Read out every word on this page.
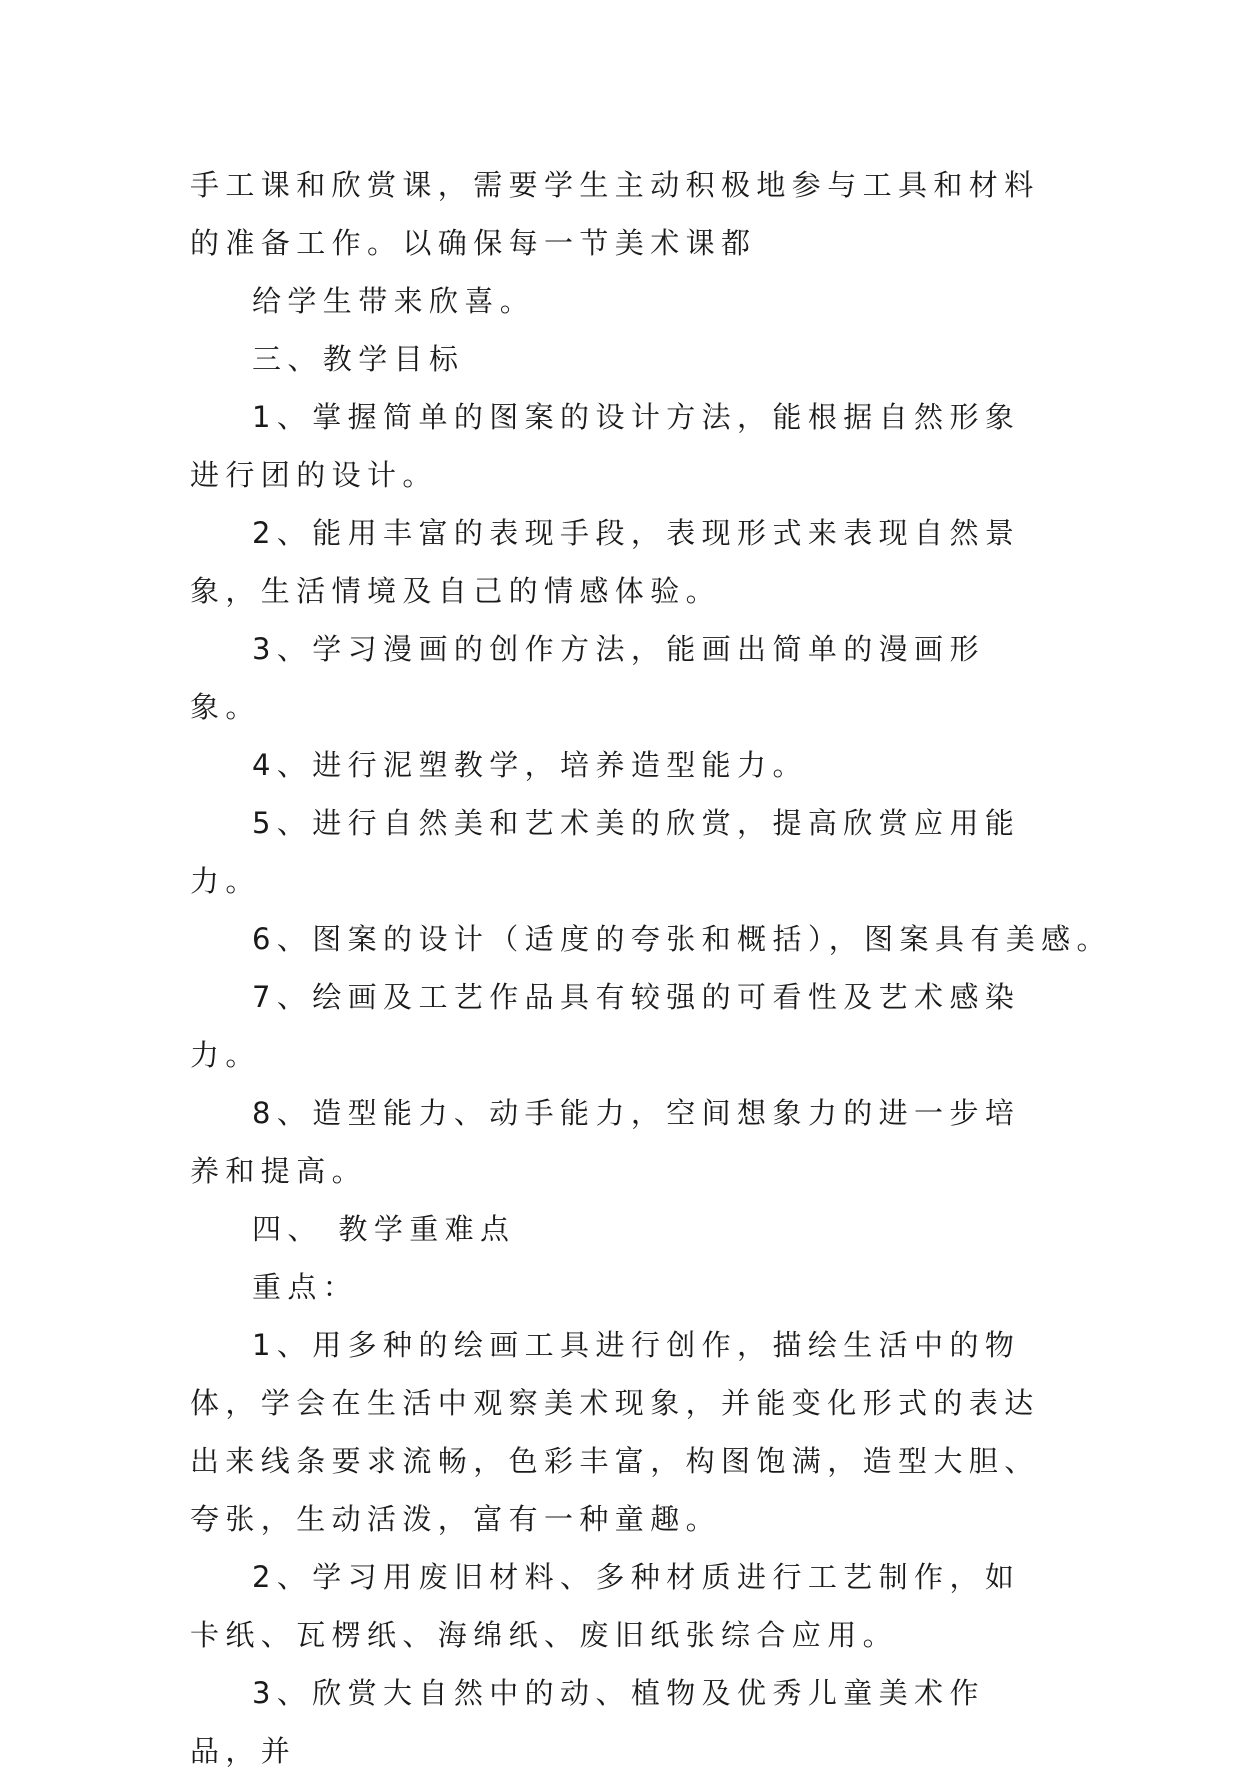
手工课和欣赏课，需要学生主动积极地参与工具和材料的准备工作。以确保每一节美术课都

给学生带来欣喜。

三、教学目标

1、掌握简单的图案的设计方法，能根据自然形象进行团的设计。

2、能用丰富的表现手段，表现形式来表现自然景象，生活情境及自己的情感体验。

3、学习漫画的创作方法，能画出简单的漫画形象。

4、进行泥塑教学，培养造型能力。

5、进行自然美和艺术美的欣赏，提高欣赏应用能力。

6、图案的设计（适度的夸张和概括），图案具有美感。

7、绘画及工艺作品具有较强的可看性及艺术感染力。

8、造型能力、动手能力，空间想象力的进一步培养和提高。

四、 教学重难点

重点：

1、用多种的绘画工具进行创作，描绘生活中的物体，学会在生活中观察美术现象，并能变化形式的表达出来线条要求流畅，色彩丰富，构图饱满，造型大胆、夸张，生动活泼，富有一种童趣。

2、学习用废旧材料、多种材质进行工艺制作，如卡纸、瓦楞纸、海绵纸、废旧纸张综合应用。

3、欣赏大自然中的动、植物及优秀儿童美术作品，并
